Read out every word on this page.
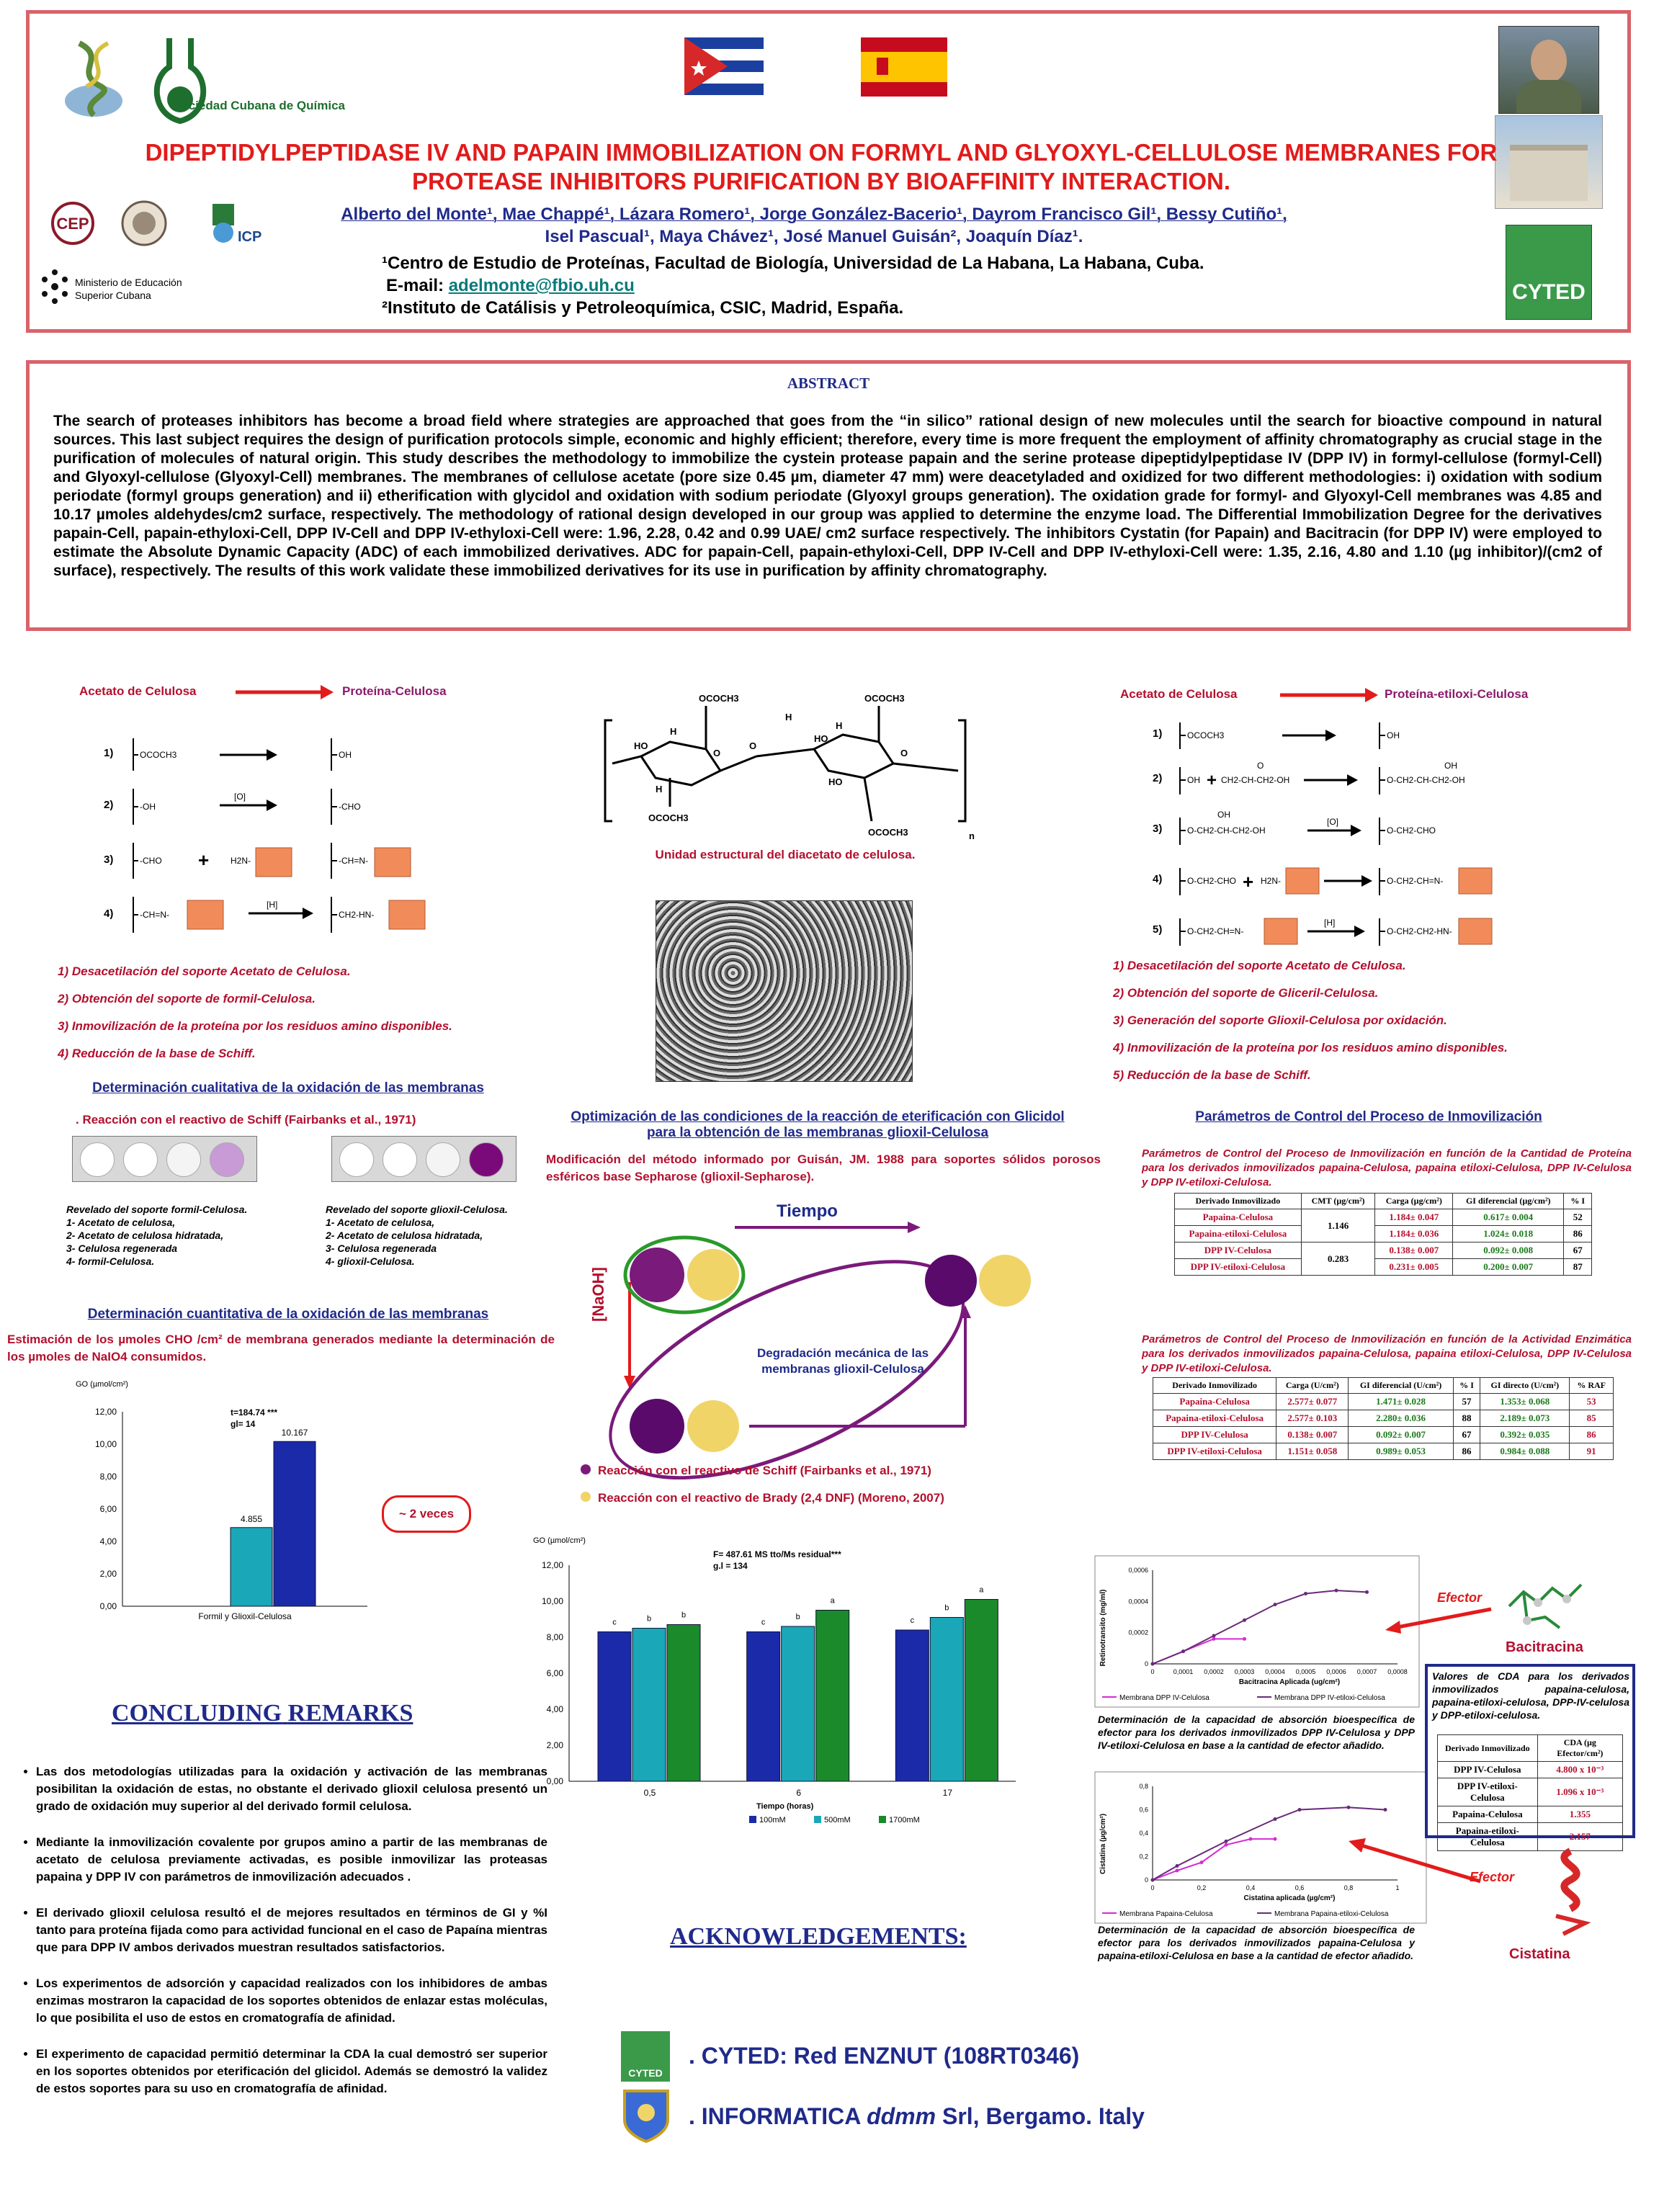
Sociedad Cubana de Química
DIPEPTIDYLPEPTIDASE IV AND PAPAIN IMMOBILIZATION ON FORMYL AND GLYOXYL-CELLULOSE MEMBRANES FOR
PROTEASE INHIBITORS PURIFICATION BY BIOAFFINITY INTERACTION.
CEP
ICP
Ministerio de Educación Superior Cubana	CYTED
Alberto del Monte¹, Mae Chappé¹, Lázara Romero¹, Jorge González-Bacerio¹, Dayrom Francisco Gil¹, Bessy Cutiño¹,
Isel Pascual¹, Maya Chávez¹, José Manuel Guisán², Joaquín Díaz¹.
¹Centro de Estudio de Proteínas, Facultad de Biología, Universidad de La Habana, La Habana, Cuba.
E-mail: adelmonte@fbio.uh.cu
²Instituto de Catálisis y Petroleoquímica, CSIC, Madrid, España.
ABSTRACT
The search of proteases inhibitors has become a broad field where strategies are approached that goes from the “in silico” rational design of new molecules until the search for bioactive compound in natural sources. This last subject requires the design of purification protocols simple, economic and highly efficient; therefore, every time is more frequent the employment of affinity chromatography as crucial stage in the purification of molecules of natural origin. This study describes the methodology to immobilize the cystein protease papain and the serine protease dipeptidylpeptidase IV (DPP IV) in formyl-cellulose (formyl-Cell) and Glyoxyl-cellulose (Glyoxyl-Cell) membranes. The membranes of cellulose acetate (pore size 0.45 µm, diameter 47 mm) were deacetyladed and oxidized for two different methodologies: i) oxidation with sodium periodate (formyl groups generation) and ii) etherification with glycidol and oxidation with sodium periodate (Glyoxyl groups generation). The oxidation grade for formyl- and Glyoxyl-Cell membranes was 4.85 and 10.17 µmoles aldehydes/cm2 surface, respectively. The methodology of rational design developed in our group was applied to determine the enzyme load. The Differential Immobilization Degree for the derivatives papain-Cell, papain-ethyloxi-Cell, DPP IV-Cell and DPP IV-ethyloxi-Cell were: 1.96, 2.28, 0.42 and 0.99 UAE/ cm2 surface respectively. The inhibitors Cystatin (for Papain) and Bacitracin (for DPP IV) were employed to estimate the Absolute Dynamic Capacity (ADC) of each immobilized derivatives. ADC for papain-Cell, papain-ethyloxi-Cell, DPP IV-Cell and DPP IV-ethyloxi-Cell were: 1.35, 2.16, 4.80 and 1.10 (µg inhibitor)/(cm2 of surface), respectively. The results of this work validate these immobilized derivatives for its use in purification by affinity chromatography.
Acetato de Celulosa	Proteína-Celulosa
1)	OCOCH3	OH
2)	-OH
[O]
-CHO
3)	-CHO + H2N-	-CH=N-
4)	-CH=N-
[H]
CH2-HN-
1) Desacetilación del soporte Acetato de Celulosa.
2) Obtención del soporte de formil-Celulosa.
3) Inmovilización de la proteína por los residuos amino disponibles.
4) Reducción de la base de Schiff.
Determinación cualitativa de la oxidación de las membranas
. Reacción con el reactivo de Schiff (Fairbanks et al., 1971)
Revelado del soporte formil-Celulosa.
1- Acetato de celulosa,
2- Acetato de celulosa hidratada,
3- Celulosa regenerada
4- formil-Celulosa.
Revelado del soporte glioxil-Celulosa.
1- Acetato de celulosa,
2- Acetato de celulosa hidratada,
3- Celulosa regenerada
4- glioxil-Celulosa.
Determinación cuantitativa de la oxidación de las membranas
Estimación de los µmoles CHO /cm² de membrana generados mediante la determinación de los µmoles de NaIO4 consumidos.
GO (µmol/cm²)
0,00
2,00
4,00
6,00
8,00
10,00
12,00
4.855
10.167
Formil y Glioxil-Celulosa
t=184.74 ***
gl= 14
~ 2 veces
CONCLUDING REMARKS
• Las dos metodologías utilizadas para la oxidación y activación de las membranas posibilitan la oxidación de estas, no obstante el derivado glioxil celulosa presentó un grado de oxidación muy superior al del derivado formil celulosa.
• Mediante la inmovilización covalente por grupos amino a partir de las membranas de acetato de celulosa previamente activadas, es posible inmovilizar las proteasas papaina y DPP IV con parámetros de inmovilización adecuados .
• El derivado glioxil celulosa resultó el de mejores resultados en términos de GI y %I tanto para proteína fijada como para actividad funcional en el caso de Papaína mientras que para DPP IV ambos derivados muestran resultados satisfactorios.
• Los experimentos de adsorción y capacidad realizados con los inhibidores de ambas enzimas mostraron la capacidad de los soportes obtenidos de enlazar estas moléculas, lo que posibilita el uso de estos en cromatografía de afinidad.
• El experimento de capacidad permitió determinar la CDA la cual demostró ser superior en los soportes obtenidos por eterificación del glicidol. Además se demostró la validez de estos soportes para su uso en cromatografía de afinidad.
OCOCH3	OCOCH3
OCOCH3
OCOCH3
HO
H
O
O
HO
H
O
n
H
HO
H
Unidad estructural del diacetato de celulosa.
Optimización de las condiciones de la reacción de eterificación con Glicidol para la obtención de las membranas glioxil-Celulosa
Modificación del método informado por Guisán, JM. 1988 para soportes sólidos porosos esféricos base Sepharose (glioxil-Sepharose).
Tiempo
[NaOH]
Degradación mecánica de las membranas glioxil-Celulosa
Reacción con el reactivo de Schiff (Fairbanks et al., 1971)
Reacción con el reactivo de Brady (2,4 DNF) (Moreno, 2007)
GO (µmol/cm²)
0,00
2,00
4,00
6,00
8,00
10,00
12,00
c	b	b
0,5
c
b
a
6
c
b
a
17
Tiempo (horas)
100mM	500mM	1700mM
F= 487.61 MS tto/Ms residual***
g.l = 134
ACKNOWLEDGEMENTS:
CYTED
. CYTED: Red ENZNUT (108RT0346)
. INFORMATICA ddmm Srl, Bergamo. Italy
Acetato de Celulosa	Proteína-etiloxi-Celulosa
1)	OCOCH3	OH
2)	OH +
O
CH2-CH-CH2-OH
OH
O-CH2-CH-CH2-OH
3)
OH
O-CH2-CH-CH2-OH
[O]
O-CH2-CHO
4)	O-CH2-CHO + H2N-	O-CH2-CH=N-
5)	O-CH2-CH=N-
[H]
O-CH2-CH2-HN-
1) Desacetilación del soporte Acetato de Celulosa.
2) Obtención del soporte de Gliceril-Celulosa.
3) Generación del soporte Glioxil-Celulosa por oxidación.
4) Inmovilización de la proteína por los residuos amino disponibles.
5) Reducción de la base de Schiff.
Parámetros de Control del Proceso de Inmovilización
Parámetros de Control del Proceso de Inmovilización en función de la Cantidad de Proteína para los derivados inmovilizados papaina-Celulosa, papaina etiloxi-Celulosa, DPP IV-Celulosa y DPP IV-etiloxi-Celulosa.
Derivado Inmovilizado	CMT (µg/cm²)	Carga (µg/cm²)	GI diferencial (µg/cm²)	% I
Papaina-Celulosa	1.146	1.184± 0.047	0.617± 0.004	52
Papaina-etiloxi-Celulosa		1.184± 0.036	1.024± 0.018	86
DPP IV-Celulosa	0.283	0.138± 0.007	0.092± 0.008	67
DPP IV-etiloxi-Celulosa		0.231± 0.005	0.200± 0.007	87
Parámetros de Control del Proceso de Inmovilización en función de la Actividad Enzimática para los derivados inmovilizados papaina-Celulosa, papaina etiloxi-Celulosa, DPP IV-Celulosa y DPP IV-etiloxi-Celulosa.
Derivado Inmovilizado	Carga (U/cm²)	GI diferencial (U/cm²)	% I	GI directo (U/cm²)	% RAF
Papaina-Celulosa	2.577± 0.077	1.471± 0.028	57	1.353± 0.068	53
Papaina-etiloxi-Celulosa	2.577± 0.103	2.280± 0.036	88	2.189± 0.073	85
DPP IV-Celulosa	0.138± 0.007	0.092± 0.007	67	0.392± 0.035	86
DPP IV-etiloxi-Celulosa	1.151± 0.058	0.989± 0.053	86	0.984± 0.088	91
Retinotransito (mg/ml)	0
0,0002
0,0004
0,0006
0	0,0001 0,0002 0,0003 0,0004 0,0005 0,0006 0,0007 0,0008
Bacitracina Aplicada (ug/cm²)
Membrana DPP IV-Celulosa	Membrana DPP IV-etiloxi-Celulosa
Determinación de la capacidad de absorción bioespecífica de efector para los derivados inmovilizados DPP IV-Celulosa y DPP IV-etiloxi-Celulosa en base a la cantidad de efector añadido.
Cistatina (µg/cm²)
0
0,2
0,4
0,6
0,8
0	0,2	0,4	0,6	0,8	1
Cistatina aplicada (µg/cm²)
Membrana Papaina-Celulosa	Membrana Papaina-etiloxi-Celulosa
Determinación de la capacidad de absorción bioespecífica de efector para los derivados inmovilizados papaina-Celulosa y papaina-etiloxi-Celulosa en base a la cantidad de efector añadido.
Efector
Bacitracina
Valores de CDA para los derivados inmovilizados papaina-celulosa, papaina-etiloxi-celulosa, DPP-IV-celulosa y DPP-etiloxi-celulosa.
Derivado Inmovilizado	CDA (µg Efector/cm²)
DPP IV-Celulosa	4.800 x 10⁻³
DPP IV-etiloxi-Celulosa	1.096 x 10⁻³
Papaina-Celulosa	1.355
Papaina-etiloxi-Celulosa	2.157
Efector
Cistatina
